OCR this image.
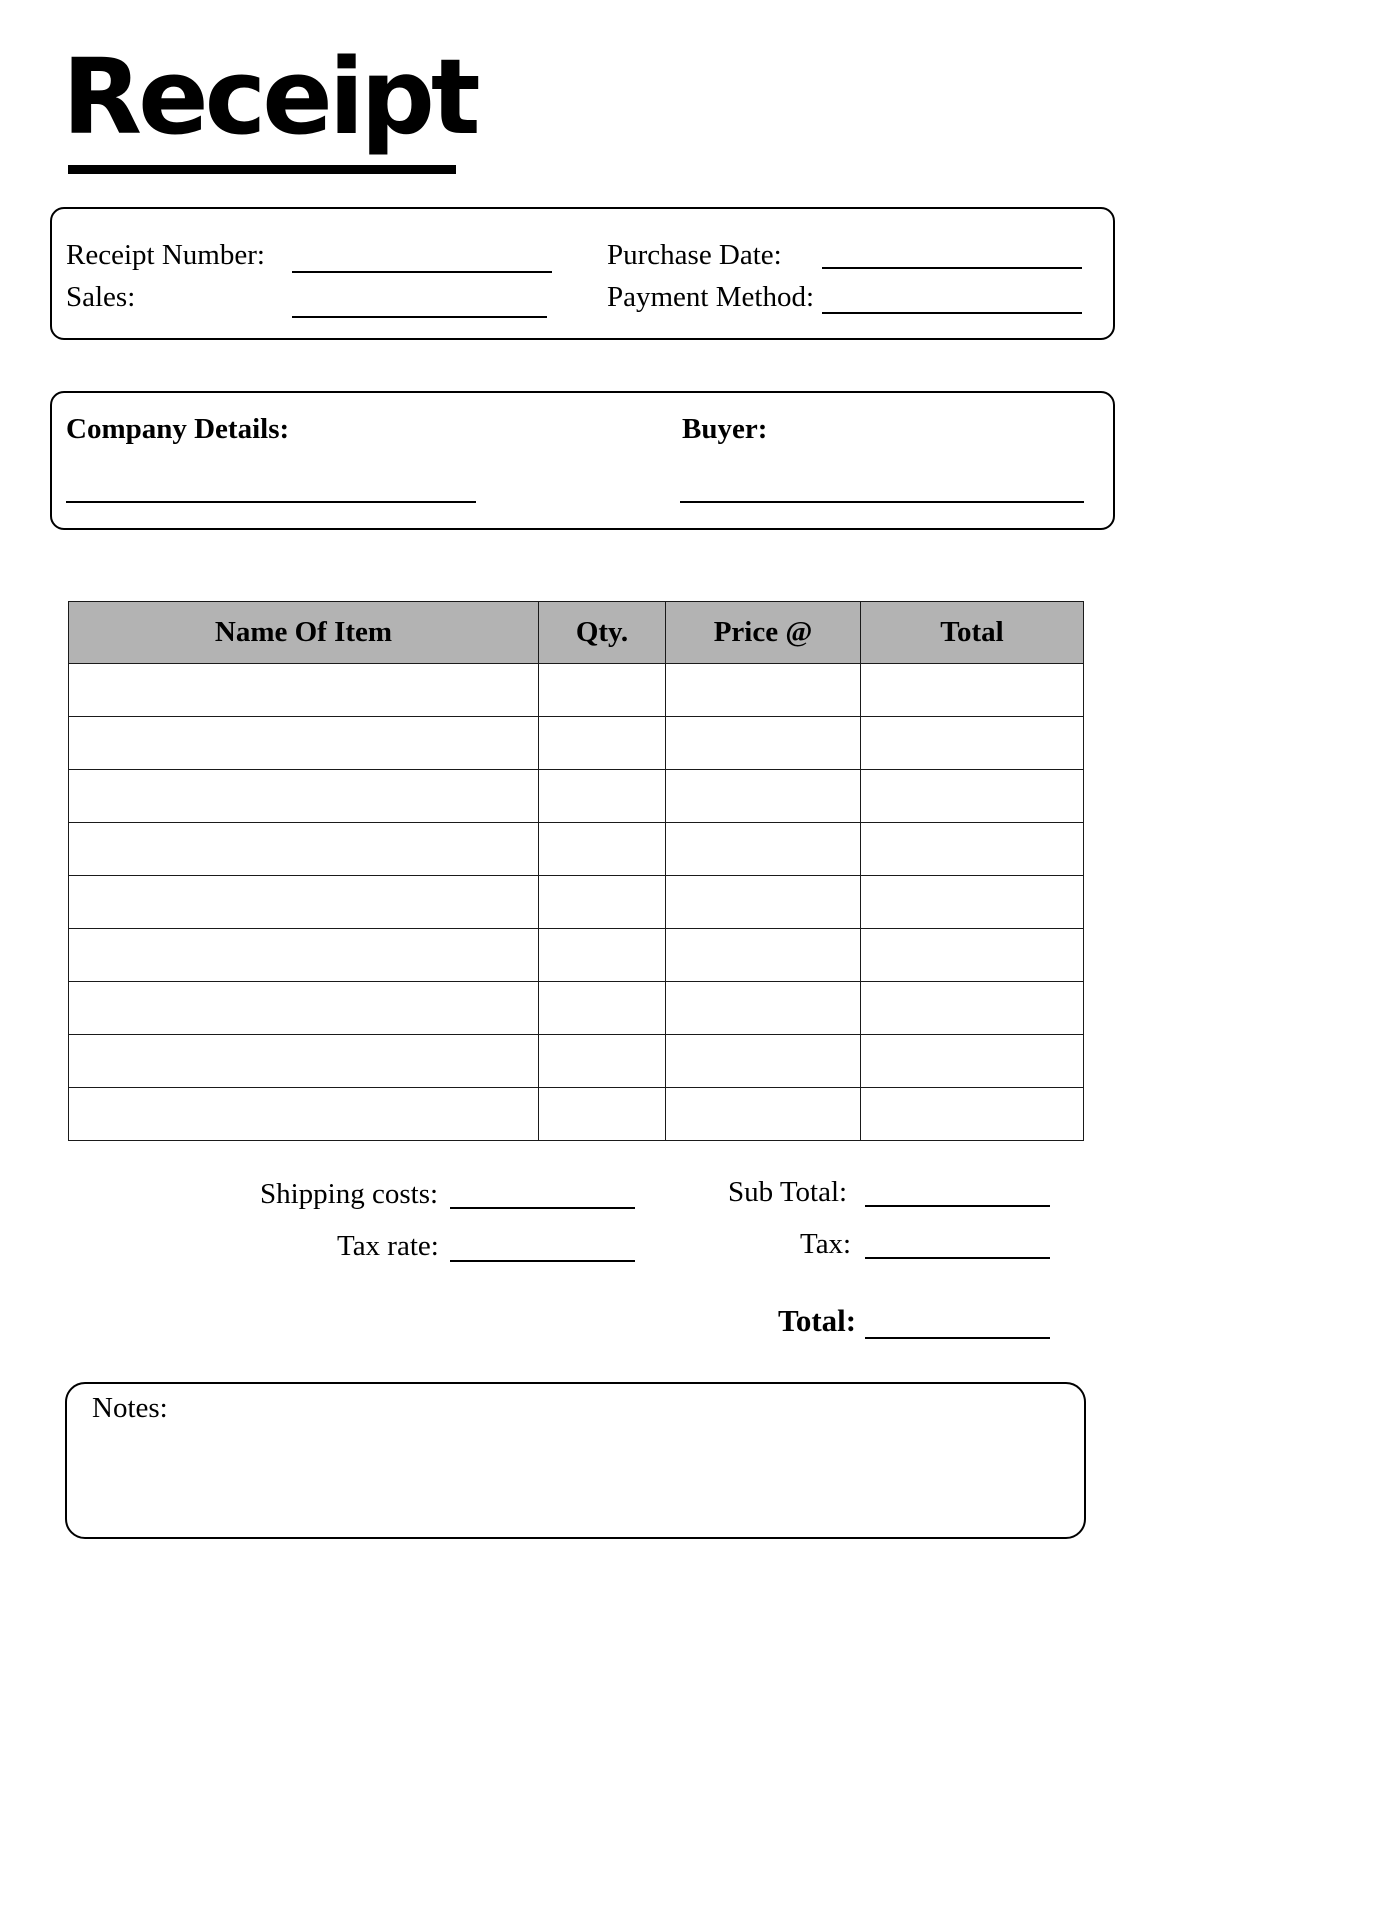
Receipt
Receipt Number:	Purchase Date:
Sales:	Payment Method:
Company Details:	Buyer:
Name Of Item	Qty.	Price @	Total

Shipping costs:	Sub Total:
Tax rate:	Tax:
Total:
Notes:
